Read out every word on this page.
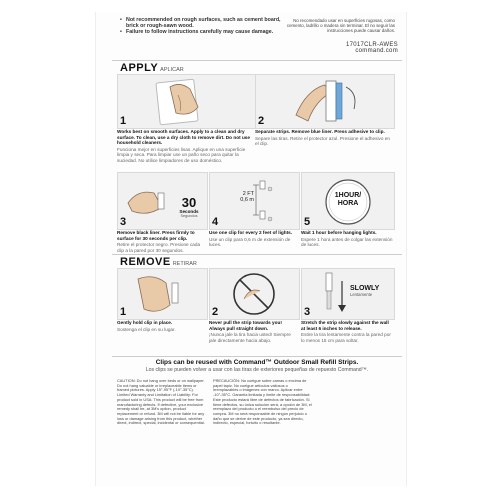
• Not recommended on rough surfaces, such as cement board, brick or rough-sawn wood.
• Failure to follow instructions carefully may cause damage.
No recomendado usar en superficies rugosas, como cemento, ladrillo o madera sin terminar. El no seguir las instrucciones puede causar daños.
17017CLR-AWES
command.com
APPLY APLICAR
1
Works best on smooth surfaces. Apply to a clean and dry surface. To clean, use a dry cloth to remove dirt. Do not use household cleaners.
Funciona mejor en superficies lisas. Aplique en una superficie limpia y seca. Para limpiar use un paño seco para quitar la suciedad. No utilice limpiadores de uso doméstico.
2
Separate strips. Remove blue liner. Press adhesive to clip.
Separe las tiras. Retire el protector azul. Presione el adhesivo en el clip.
30
Seconds
Segundos
3
Remove black liner. Press firmly to surface for 30 seconds per clip.
Retire el protector negro. Presione cada clip a la pared por 30 segundos.
2 FT
0,6 m
4
Use one clip for every 2 feet of lights.
Use un clip para 0,6 m de extensión de luces.
1HOUR/
HORA
5
Wait 1 hour before hanging lights.
Espere 1 hora antes de colgar las extensión de luces.
REMOVE RETIRAR
1
Gently hold clip in place.
Sostenga el clip en su lugar.
2
Never pull the strip towards you! Always pull straight down.
¡Nunca jale la tira hacia usted! Siempre jale directamente hacia abajo.
SLOWLY
Lentamente
3
Stretch the strip slowly against the wall at least 6 inches to release.
Estire la tira lentamente contra la pared por lo menos 15 cm para soltar.
Clips can be reused with Command™ Outdoor Small Refill Strips.
Los clips se pueden volver a usar con las tiras de exteriores pequeñas de repuesto Command™.
CAUTION: Do not hang over beds or on wallpaper. Do not hang valuable or irreplaceable items or framed pictures. Apply 15°-95°F (-10°-35°C). Limited Warranty and Limitation of Liability: For product sold in USA: This product will be free from manufacturing defects. If defective, your exclusive remedy shall be, at 3M's option, product replacement or refund. 3M will not be liable for any loss or damage arising from this product, whether direct, indirect, special, incidental or consequential.
PRECAUCIÓN: No cuelgue sobre camas o encima de papel tapiz. No cuelgue artículos valiosos o irremplazables o imágenes con marco. Aplicar entre -10°-35°C. Garantía limitada y límite de responsabilidad: Este producto estará libre de defectos de fabricación. Si tiene defectos, su única solución será, a opción de 3M, el reemplazo del producto o el reembolso del precio de compra. 3M no será responsable de ningún perjuicio o daño que se derive de este producto, ya sea directo, indirecto, especial, fortuito o resultante.
